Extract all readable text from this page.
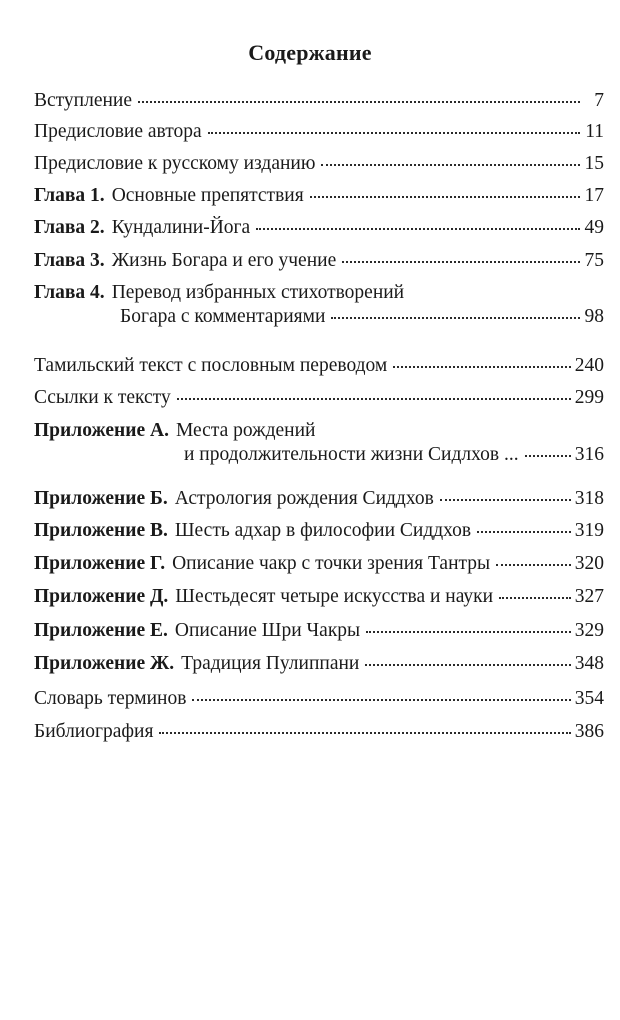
Содержание
Вступление	7
Предисловие автора	11
Предисловие к русскому изданию	15
Глава 1. Основные препятствия	17
Глава 2. Кундалини-Йога	49
Глава 3. Жизнь Богара и его учение	75
Глава 4. Перевод избранных стихотворений
Богара с комментариями	98
Тамильский текст с пословным переводом	240
Ссылки к тексту	299
Приложение А. Места рождений
и продолжительности жизни Сидлхов ...	316
Приложение Б. Астрология рождения Сиддхов	318
Приложение В. Шесть адхар в философии Сиддхов	319
Приложение Г. Описание чакр с точки зрения Тантры	320
Приложение Д. Шестьдесят четыре искусства и науки	327
Приложение Е. Описание Шри Чакры	329
Приложение Ж. Традиция Пулиппани	348
Словарь терминов	354
Библиография	386
